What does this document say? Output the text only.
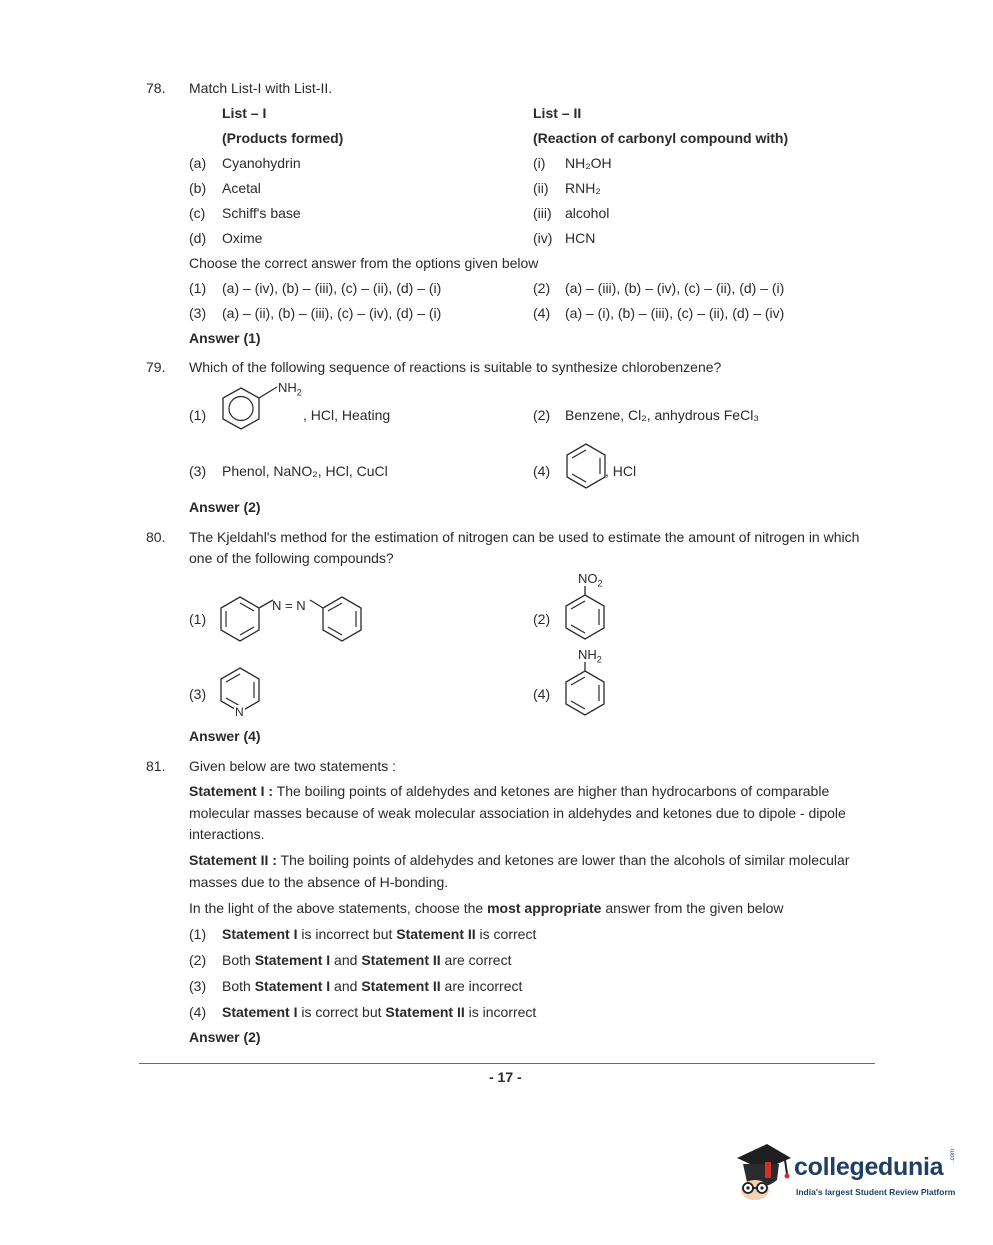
78. Match List-I with List-II.
List – I	List – II
(Products formed)	(Reaction of carbonyl compound with)
(a) Cyanohydrin	(i) NH₂OH
(b) Acetal	(ii) RNH₂
(c) Schiff's base	(iii) alcohol
(d) Oxime	(iv) HCN
Choose the correct answer from the options given below
(1) (a) – (iv), (b) – (iii), (c) – (ii), (d) – (i)	(2) (a) – (iii), (b) – (iv), (c) – (ii), (d) – (i)
(3) (a) – (ii), (b) – (iii), (c) – (iv), (d) – (i)	(4) (a) – (i), (b) – (iii), (c) – (ii), (d) – (iv)
Answer (1)
79. Which of the following sequence of reactions is suitable to synthesize chlorobenzene?
(1)
$NH_2$
, HCl, Heating	(2) Benzene, Cl₂, anhydrous FeCl₃
(3) Phenol, NaNO₂, HCl, CuCl	(4)	, HCl
Answer (2)
80. The Kjeldahl's method for the estimation of nitrogen can be used to estimate the amount of nitrogen in which
one of the following compounds?
(1)
N = N
(2)
$NO_2$
(3)
N
(4)
$NH_2$
Answer (4)
81. Given below are two statements :
Statement I : The boiling points of aldehydes and ketones are higher than hydrocarbons of comparable
molecular masses because of weak molecular association in aldehydes and ketones due to dipole - dipole
interactions.
Statement II : The boiling points of aldehydes and ketones are lower than the alcohols of similar molecular
masses due to the absence of H-bonding.
In the light of the above statements, choose the most appropriate answer from the given below
(1) Statement I is incorrect but Statement II is correct
(2) Both Statement I and Statement II are correct
(3) Both Statement I and Statement II are incorrect
(4) Statement I is correct but Statement II is incorrect
Answer (2)
- 17 -
collegedunia .com
India's largest Student Review Platform
